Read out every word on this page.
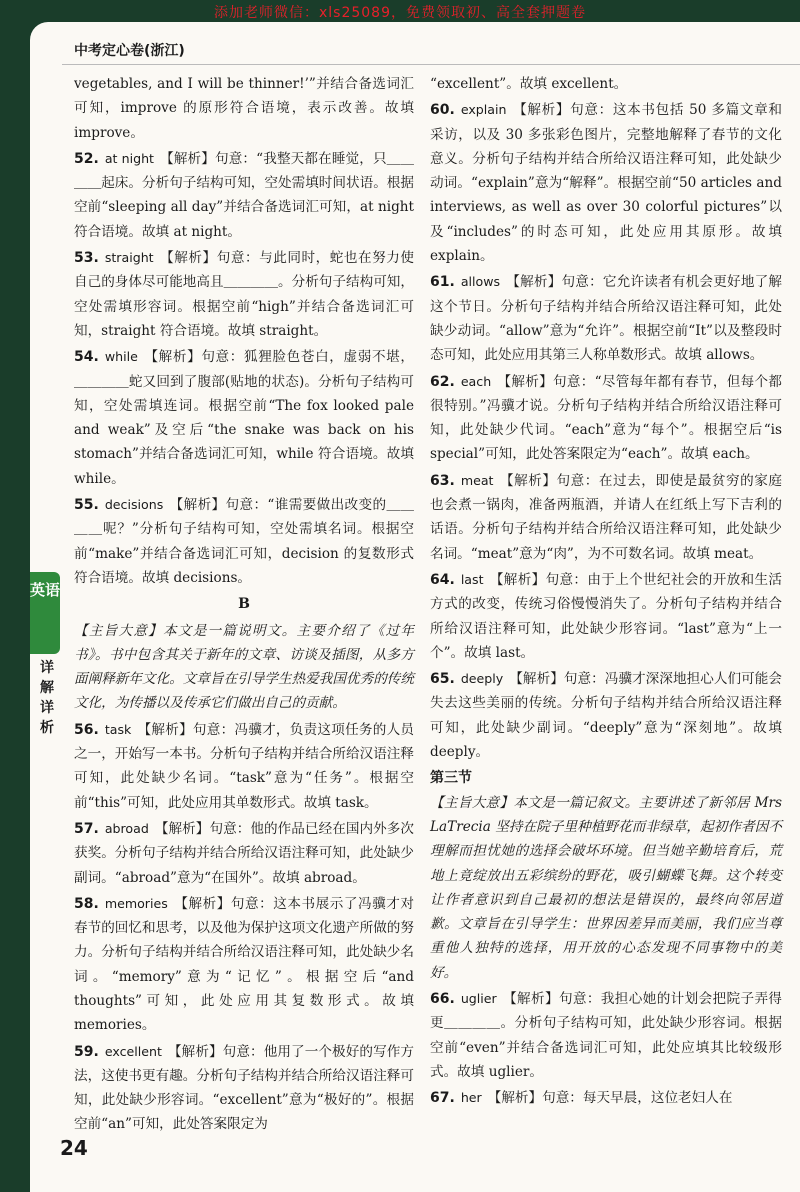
添加老师微信：xls25089，免费领取初、高全套押题卷
中考定心卷(浙江)
vegetables, and I will be thinner!’”并结合备选词汇可知，improve 的原形符合语境，表示改善。故填 improve。
52. at night 【解析】句意：“我整天都在睡觉，只＿＿＿＿起床。分析句子结构可知，空处需填时间状语。根据空前“sleeping all day”并结合备选词汇可知，at night 符合语境。故填 at night。
53. straight 【解析】句意：与此同时，蛇也在努力使自己的身体尽可能地高且＿＿＿＿。分析句子结构可知，空处需填形容词。根据空前“high”并结合备选词汇可知，straight 符合语境。故填 straight。
54. while 【解析】句意：狐狸脸色苍白，虚弱不堪，＿＿＿＿蛇又回到了腹部(贴地的状态)。分析句子结构可知，空处需填连词。根据空前“The fox looked pale and weak”及空后“the snake was back on his stomach”并结合备选词汇可知，while 符合语境。故填 while。
55. decisions 【解析】句意：“谁需要做出改变的＿＿＿＿呢？”分析句子结构可知，空处需填名词。根据空前“make”并结合备选词汇可知，decision 的复数形式符合语境。故填 decisions。
B
【主旨大意】本文是一篇说明文。主要介绍了《过年书》。书中包含其关于新年的文章、访谈及插图，从多方面阐释新年文化。文章旨在引导学生热爱我国优秀的传统文化，为传播以及传承它们做出自己的贡献。
56. task 【解析】句意：冯骥才，负责这项任务的人员之一，开始写一本书。分析句子结构并结合所给汉语注释可知，此处缺少名词。“task”意为“任务”。根据空前“this”可知，此处应用其单数形式。故填 task。
57. abroad 【解析】句意：他的作品已经在国内外多次获奖。分析句子结构并结合所给汉语注释可知，此处缺少副词。“abroad”意为“在国外”。故填 abroad。
58. memories 【解析】句意：这本书展示了冯骥才对春节的回忆和思考，以及他为保护这项文化遗产所做的努力。分析句子结构并结合所给汉语注释可知，此处缺少名词。“memory”意为“记忆”。根据空后“and thoughts”可知，此处应用其复数形式。故填 memories。
59. excellent 【解析】句意：他用了一个极好的写作方法，这使书更有趣。分析句子结构并结合所给汉语注释可知，此处缺少形容词。“excellent”意为“极好的”。根据空前“an”可知，此处答案限定为
“excellent”。故填 excellent。
60. explain 【解析】句意：这本书包括 50 多篇文章和采访，以及 30 多张彩色图片，完整地解释了春节的文化意义。分析句子结构并结合所给汉语注释可知，此处缺少动词。“explain”意为“解释”。根据空前“50 articles and interviews, as well as over 30 colorful pictures”以及“includes”的时态可知，此处应用其原形。故填 explain。
61. allows 【解析】句意：它允许读者有机会更好地了解这个节日。分析句子结构并结合所给汉语注释可知，此处缺少动词。“allow”意为“允许”。根据空前“It”以及整段时态可知，此处应用其第三人称单数形式。故填 allows。
62. each 【解析】句意：“尽管每年都有春节，但每个都很特别。”冯骥才说。分析句子结构并结合所给汉语注释可知，此处缺少代词。“each”意为“每个”。根据空后“is special”可知，此处答案限定为“each”。故填 each。
63. meat 【解析】句意：在过去，即使是最贫穷的家庭也会煮一锅肉，准备两瓶酒，并请人在红纸上写下吉利的话语。分析句子结构并结合所给汉语注释可知，此处缺少名词。“meat”意为“肉”，为不可数名词。故填 meat。
64. last 【解析】句意：由于上个世纪社会的开放和生活方式的改变，传统习俗慢慢消失了。分析句子结构并结合所给汉语注释可知，此处缺少形容词。“last”意为“上一个”。故填 last。
65. deeply 【解析】句意：冯骥才深深地担心人们可能会失去这些美丽的传统。分析句子结构并结合所给汉语注释可知，此处缺少副词。“deeply”意为“深刻地”。故填 deeply。
第三节
【主旨大意】本文是一篇记叙文。主要讲述了新邻居 Mrs LaTrecia 坚持在院子里种植野花而非绿草，起初作者因不理解而担忧她的选择会破坏环境。但当她辛勤培育后，荒地上竟绽放出五彩缤纷的野花，吸引蝴蝶飞舞。这个转变让作者意识到自己最初的想法是错误的，最终向邻居道歉。文章旨在引导学生：世界因差异而美丽，我们应当尊重他人独特的选择，用开放的心态发现不同事物中的美好。
66. uglier 【解析】句意：我担心她的计划会把院子弄得更＿＿＿＿。分析句子结构可知，此处缺少形容词。根据空前“even”并结合备选词汇可知，此处应填其比较级形式。故填 uglier。
67. her 【解析】句意：每天早晨，这位老妇人在
英语
详解详析
24
